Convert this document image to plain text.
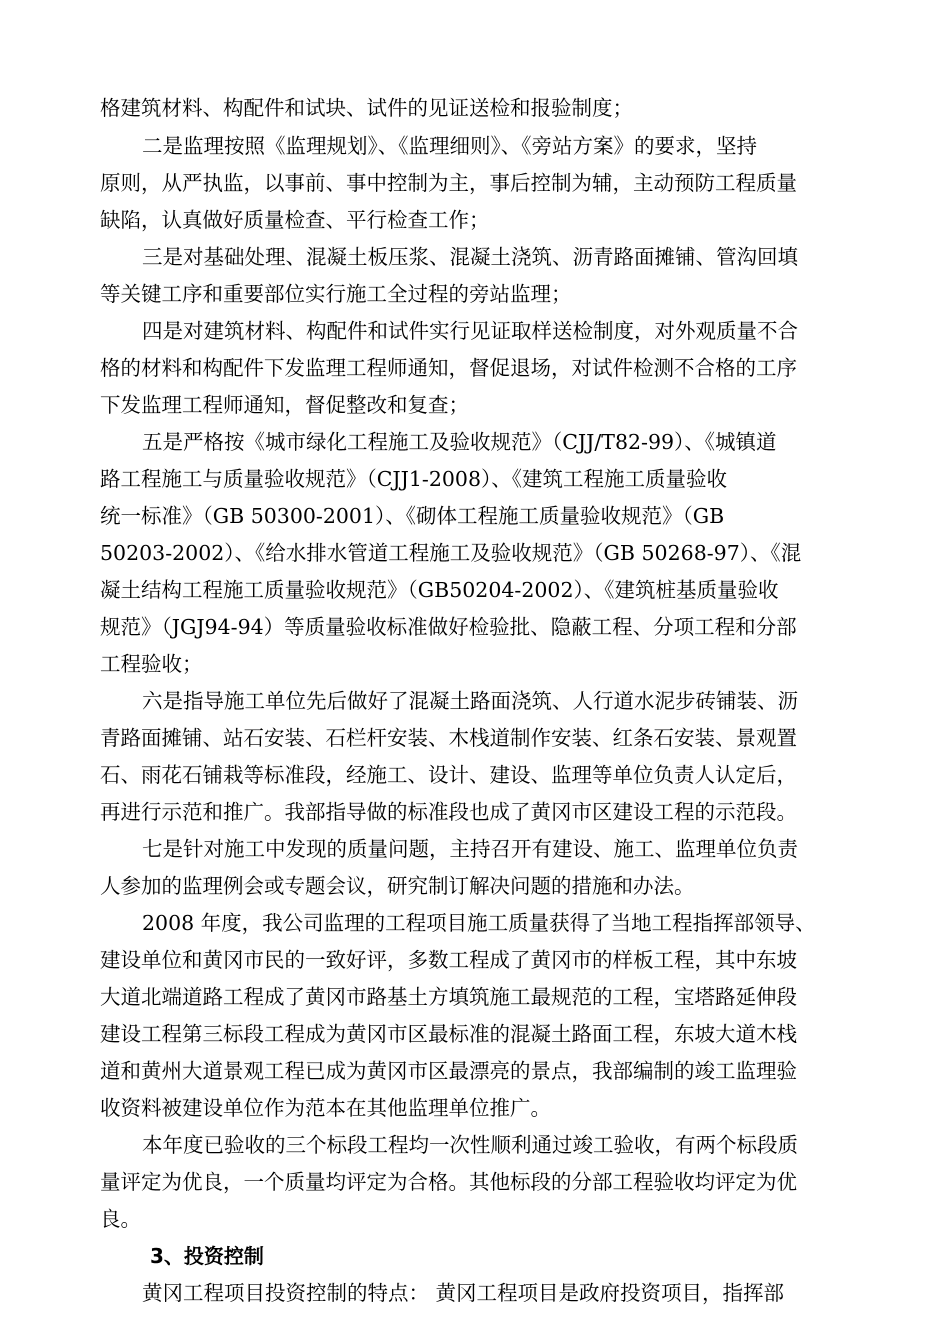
格建筑材料、构配件和试块、试件的见证送检和报验制度；
二是监理按照《监理规划》、《监理细则》、《旁站方案》的要求，坚持
原则，从严执监，以事前、事中控制为主，事后控制为辅，主动预防工程质量
缺陷，认真做好质量检查、平行检查工作；
三是对基础处理、混凝土板压浆、混凝土浇筑、沥青路面摊铺、管沟回填
等关键工序和重要部位实行施工全过程的旁站监理；
四是对建筑材料、构配件和试件实行见证取样送检制度，对外观质量不合
格的材料和构配件下发监理工程师通知，督促退场，对试件检测不合格的工序
下发监理工程师通知，督促整改和复查；
五是严格按《城市绿化工程施工及验收规范》（CJJ/T82-99）、《城镇道
路工程施工与质量验收规范》（CJJ1-2008）、《建筑工程施工质量验收
统一标准》（GB 50300-2001）、《砌体工程施工质量验收规范》（GB
50203-2002）、《给水排水管道工程施工及验收规范》（GB 50268-97）、《混
凝土结构工程施工质量验收规范》（GB50204-2002）、《建筑桩基质量验收
规范》（JGJ94-94）等质量验收标准做好检验批、隐蔽工程、分项工程和分部
工程验收；
六是指导施工单位先后做好了混凝土路面浇筑、人行道水泥步砖铺装、沥
青路面摊铺、站石安装、石栏杆安装、木栈道制作安装、红条石安装、景观置
石、雨花石铺栽等标准段，经施工、设计、建设、监理等单位负责人认定后，
再进行示范和推广。我部指导做的标准段也成了黄冈市区建设工程的示范段。
七是针对施工中发现的质量问题，主持召开有建设、施工、监理单位负责
人参加的监理例会或专题会议，研究制订解决问题的措施和办法。
2008 年度，我公司监理的工程项目施工质量获得了当地工程指挥部领导、
建设单位和黄冈市民的一致好评，多数工程成了黄冈市的样板工程，其中东坡
大道北端道路工程成了黄冈市路基土方填筑施工最规范的工程，宝塔路延伸段
建设工程第三标段工程成为黄冈市区最标准的混凝土路面工程，东坡大道木栈
道和黄州大道景观工程已成为黄冈市区最漂亮的景点，我部编制的竣工监理验
收资料被建设单位作为范本在其他监理单位推广。
本年度已验收的三个标段工程均一次性顺利通过竣工验收，有两个标段质
量评定为优良，一个质量均评定为合格。其他标段的分部工程验收均评定为优
良。
3、投资控制
黄冈工程项目投资控制的特点： 黄冈工程项目是政府投资项目，指挥部
